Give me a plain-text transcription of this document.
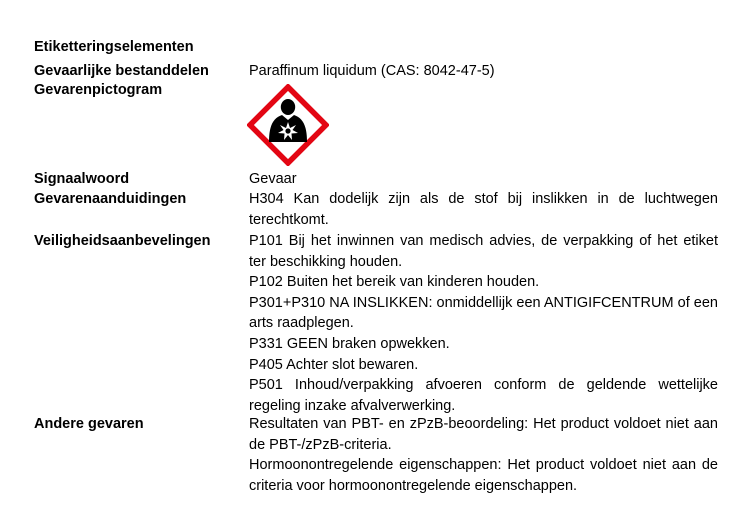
Etiketteringselementen
Gevaarlijke bestanddelen	Paraffinum liquidum (CAS: 8042-47-5)
Gevarenpictogram
Signaalwoord	Gevaar
Gevarenaanduidingen	H304 Kan dodelijk zijn als de stof bij inslikken in de luchtwegen terechtkomt.

Veiligheidsaanbevelingen	P101 Bij het inwinnen van medisch advies, de verpakking of het etiket ter beschikking houden.

P102 Buiten het bereik van kinderen houden.

P301+P310 NA INSLIKKEN: onmiddellijk een ANTIGIFCENTRUM of een arts raadplegen.

P331 GEEN braken opwekken.

P405 Achter slot bewaren.

P501 Inhoud/verpakking afvoeren conform de geldende wettelijke regeling inzake afvalverwerking.

Andere gevaren	Resultaten van PBT- en zPzB-beoordeling: Het product voldoet niet aan de PBT-/zPzB-criteria.

Hormoonontregelende eigenschappen: Het product voldoet niet aan de criteria voor hormoonontregelende eigenschappen.
